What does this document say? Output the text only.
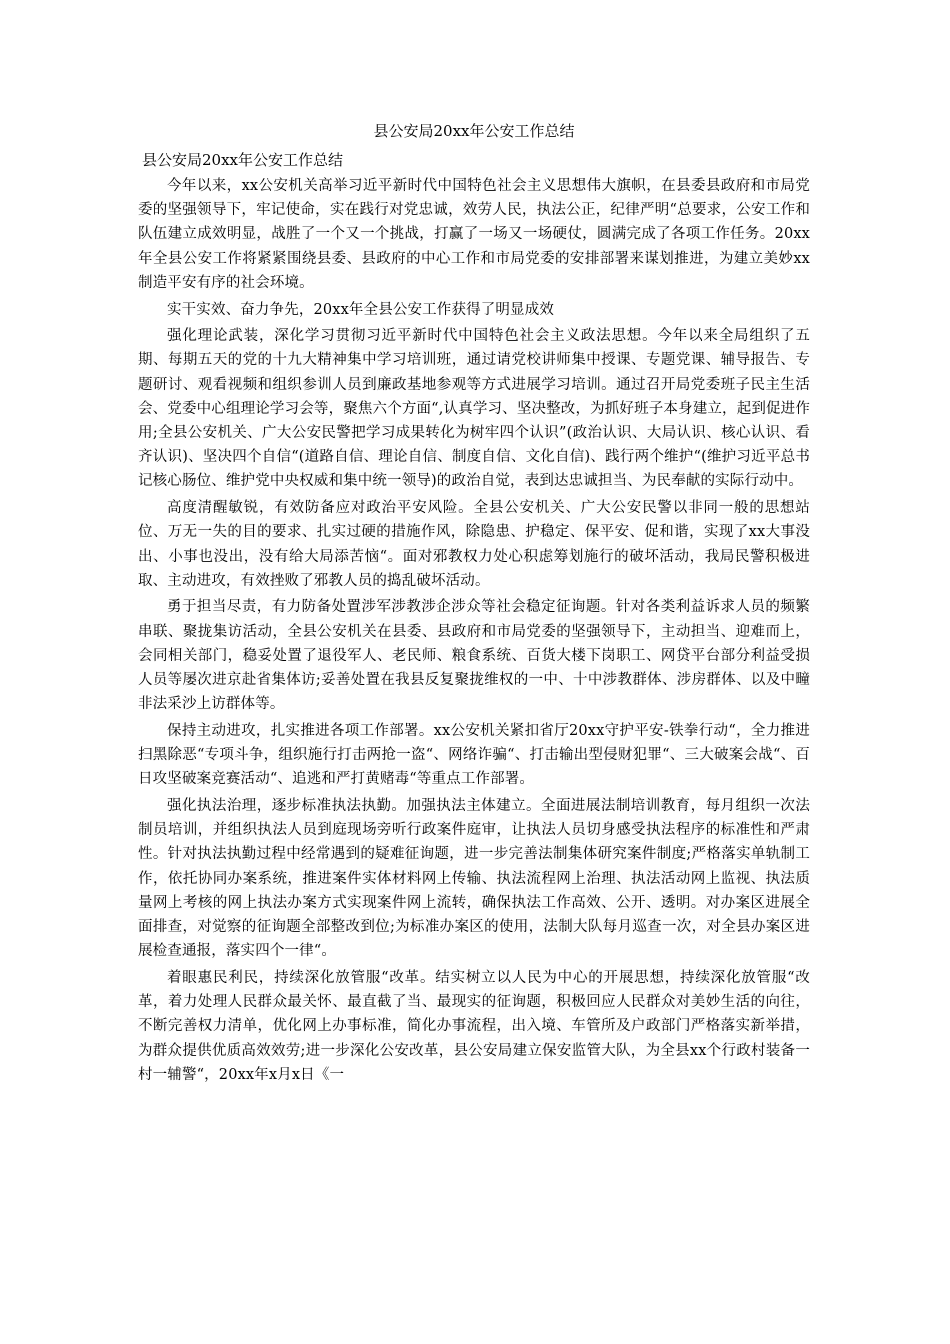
县公安局20xx年公安工作总结
县公安局20xx年公安工作总结

今年以来，xx公安机关高举习近平新时代中国特色社会主义思想伟大旗帜，在县委县政府和市局党委的坚强领导下，牢记使命，实在践行对党忠诚，效劳人民，执法公正，纪律严明“总要求，公安工作和队伍建立成效明显，战胜了一个又一个挑战，打赢了一场又一场硬仗，圆满完成了各项工作任务。20xx年全县公安工作将紧紧围绕县委、县政府的中心工作和市局党委的安排部署来谋划推进，为建立美妙xx制造平安有序的社会环境。

实干实效、奋力争先，20xx年全县公安工作获得了明显成效

强化理论武装，深化学习贯彻习近平新时代中国特色社会主义政法思想。今年以来全局组织了五期、每期五天的党的十九大精神集中学习培训班，通过请党校讲师集中授课、专题党课、辅导报告、专题研讨、观看视频和组织参训人员到廉政基地参观等方式进展学习培训。通过召开局党委班子民主生活会、党委中心组理论学习会等，聚焦六个方面“,认真学习、坚决整改，为抓好班子本身建立，起到促进作用;全县公安机关、广大公安民警把学习成果转化为树牢四个认识”(政治认识、大局认识、核心认识、看齐认识)、坚决四个自信“(道路自信、理论自信、制度自信、文化自信)、践行两个维护“(维护习近平总书记核心肠位、维护党中央权威和集中统一领导)的政治自觉，表到达忠诚担当、为民奉献的实际行动中。

高度清醒敏锐，有效防备应对政治平安风险。全县公安机关、广大公安民警以非同一般的思想站位、万无一失的目的要求、扎实过硬的措施作风，除隐患、护稳定、保平安、促和谐，实现了xx大事没出、小事也没出，没有给大局添苦恼“。面对邪教权力处心积虑筹划施行的破坏活动，我局民警积极进取、主动进攻，有效挫败了邪教人员的捣乱破坏活动。

勇于担当尽责，有力防备处置涉军涉教涉企涉众等社会稳定征询题。针对各类利益诉求人员的频繁串联、聚拢集访活动，全县公安机关在县委、县政府和市局党委的坚强领导下，主动担当、迎难而上，会同相关部门，稳妥处置了退役军人、老民师、粮食系统、百货大楼下岗职工、网贷平台部分利益受损人员等屡次进京赴省集体访;妥善处置在我县反复聚拢维权的一中、十中涉教群体、涉房群体、以及中疃非法采沙上访群体等。

保持主动进攻，扎实推进各项工作部署。xx公安机关紧扣省厅20xx守护平安-铁拳行动“，全力推进扫黑除恶“专项斗争，组织施行打击两抢一盗“、网络诈骗“、打击输出型侵财犯罪“、三大破案会战“、百日攻坚破案竞赛活动“、追逃和严打黄赌毒“等重点工作部署。

强化执法治理，逐步标准执法执勤。加强执法主体建立。全面进展法制培训教育，每月组织一次法制员培训，并组织执法人员到庭现场旁听行政案件庭审，让执法人员切身感受执法程序的标准性和严肃性。针对执法执勤过程中经常遇到的疑难征询题，进一步完善法制集体研究案件制度;严格落实单轨制工作，依托协同办案系统，推进案件实体材料网上传输、执法流程网上治理、执法活动网上监视、执法质量网上考核的网上执法办案方式实现案件网上流转，确保执法工作高效、公开、透明。对办案区进展全面排查，对觉察的征询题全部整改到位;为标准办案区的使用，法制大队每月巡查一次，对全县办案区进展检查通报，落实四个一律“。

着眼惠民利民，持续深化放管服“改革。结实树立以人民为中心的开展思想，持续深化放管服“改革，着力处理人民群众最关怀、最直截了当、最现实的征询题，积极回应人民群众对美妙生活的向往，不断完善权力清单，优化网上办事标准，简化办事流程，出入境、车管所及户政部门严格落实新举措，为群众提供优质高效效劳;进一步深化公安改革，县公安局建立保安监管大队，为全县xx个行政村装备一村一辅警“，20xx年x月x日《一
